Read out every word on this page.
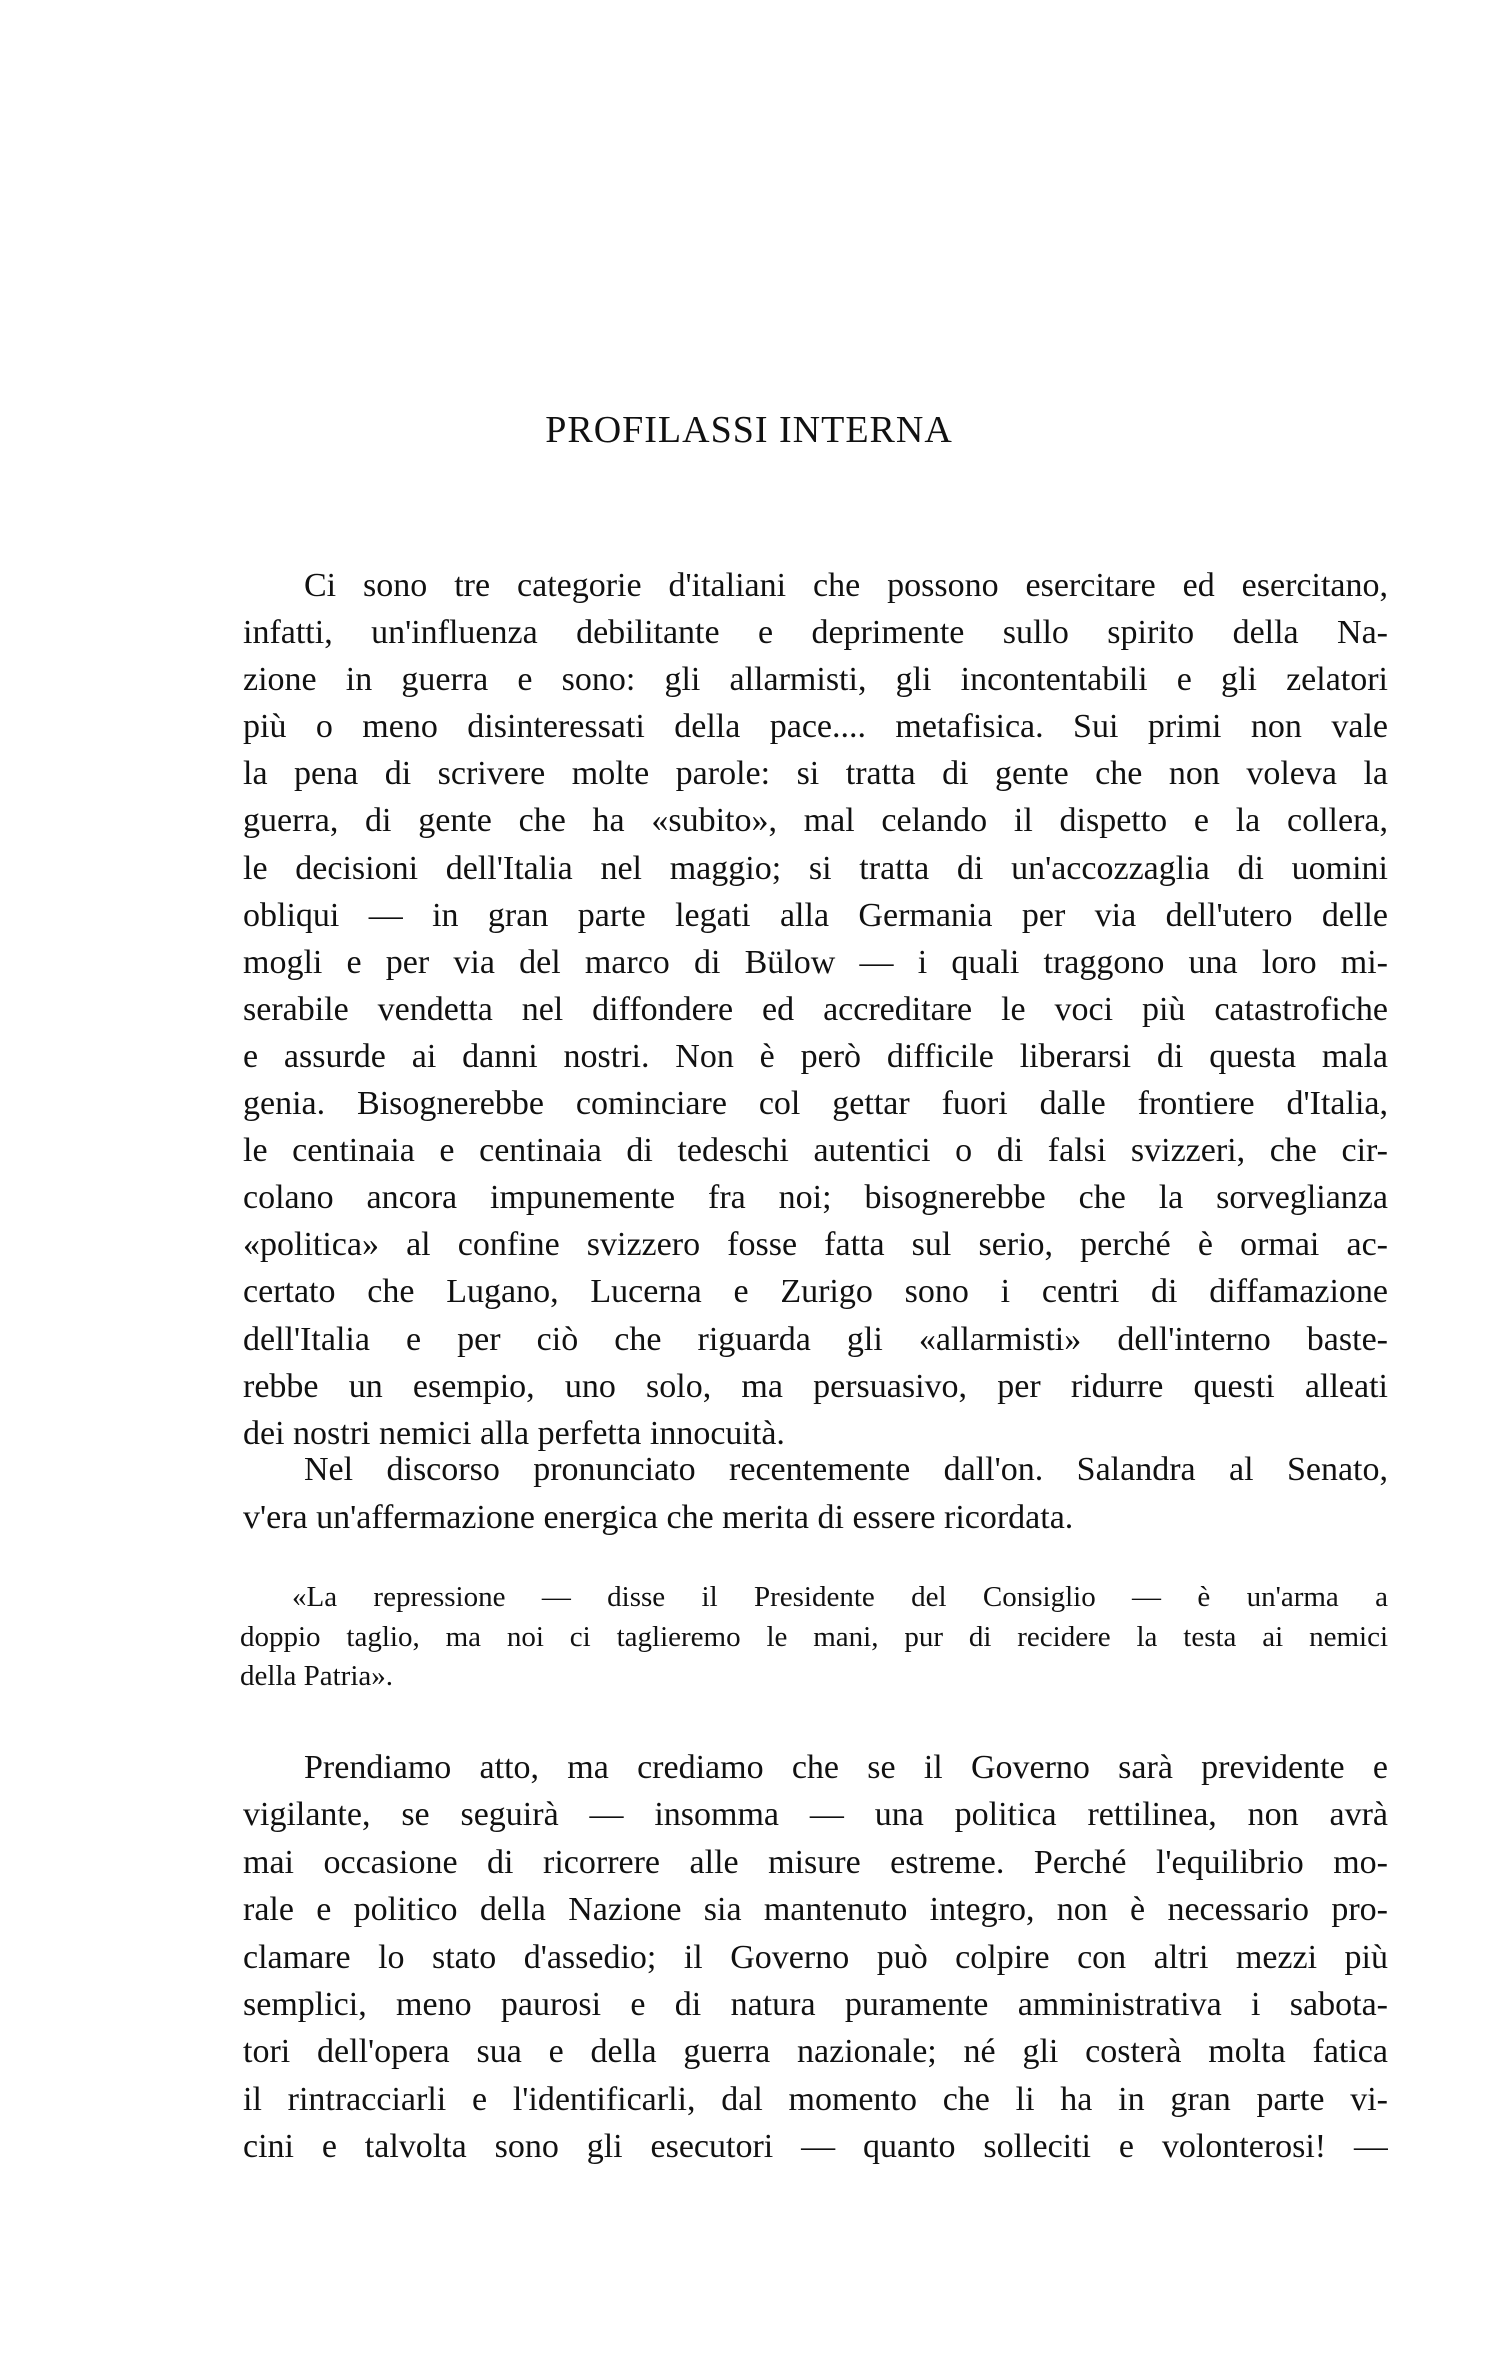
PROFILASSI INTERNA
Ci sono tre categorie d'italiani che possono esercitare ed esercitano,
infatti, un'influenza debilitante e deprimente sullo spirito della Na-
zione in guerra e sono: gli allarmisti, gli incontentabili e gli zelatori
più o meno disinteressati della pace.... metafisica. Sui primi non vale
la pena di scrivere molte parole: si tratta di gente che non voleva la
guerra, di gente che ha «subito», mal celando il dispetto e la collera,
le decisioni dell'Italia nel maggio; si tratta di un'accozzaglia di uomini
obliqui — in gran parte legati alla Germania per via dell'utero delle
mogli e per via del marco di Bülow — i quali traggono una loro mi-
serabile vendetta nel diffondere ed accreditare le voci più catastrofiche
e assurde ai danni nostri. Non è però difficile liberarsi di questa mala
genia. Bisognerebbe cominciare col gettar fuori dalle frontiere d'Italia,
le centinaia e centinaia di tedeschi autentici o di falsi svizzeri, che cir-
colano ancora impunemente fra noi; bisognerebbe che la sorveglianza
«politica» al confine svizzero fosse fatta sul serio, perché è ormai ac-
certato che Lugano, Lucerna e Zurigo sono i centri di diffamazione
dell'Italia e per ciò che riguarda gli «allarmisti» dell'interno baste-
rebbe un esempio, uno solo, ma persuasivo, per ridurre questi alleati
dei nostri nemici alla perfetta innocuità.
Nel discorso pronunciato recentemente dall'on. Salandra al Senato,
v'era un'affermazione energica che merita di essere ricordata.
«La repressione — disse il Presidente del Consiglio — è un'arma a
doppio taglio, ma noi ci taglieremo le mani, pur di recidere la testa ai nemici
della Patria».
Prendiamo atto, ma crediamo che se il Governo sarà previdente e
vigilante, se seguirà — insomma — una politica rettilinea, non avrà
mai occasione di ricorrere alle misure estreme. Perché l'equilibrio mo-
rale e politico della Nazione sia mantenuto integro, non è necessario pro-
clamare lo stato d'assedio; il Governo può colpire con altri mezzi più
semplici, meno paurosi e di natura puramente amministrativa i sabota-
tori dell'opera sua e della guerra nazionale; né gli costerà molta fatica
il rintracciarli e l'identificarli, dal momento che li ha in gran parte vi-
cini e talvolta sono gli esecutori — quanto solleciti e volonterosi! —
